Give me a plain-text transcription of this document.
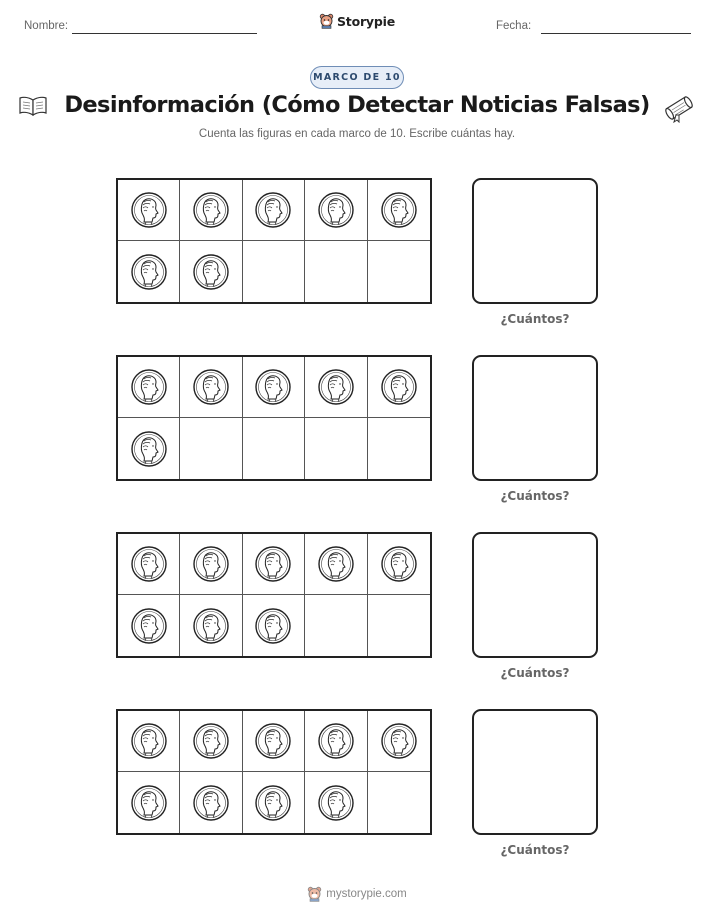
Nombre:	Storypie	Fecha:
MARCO DE 10
Desinformación (Cómo Detectar Noticias Falsas)
Cuenta las figuras en cada marco de 10. Escribe cuántas hay.
¿Cuántos?
¿Cuántos?
¿Cuántos?
¿Cuántos?
mystorypie.com
